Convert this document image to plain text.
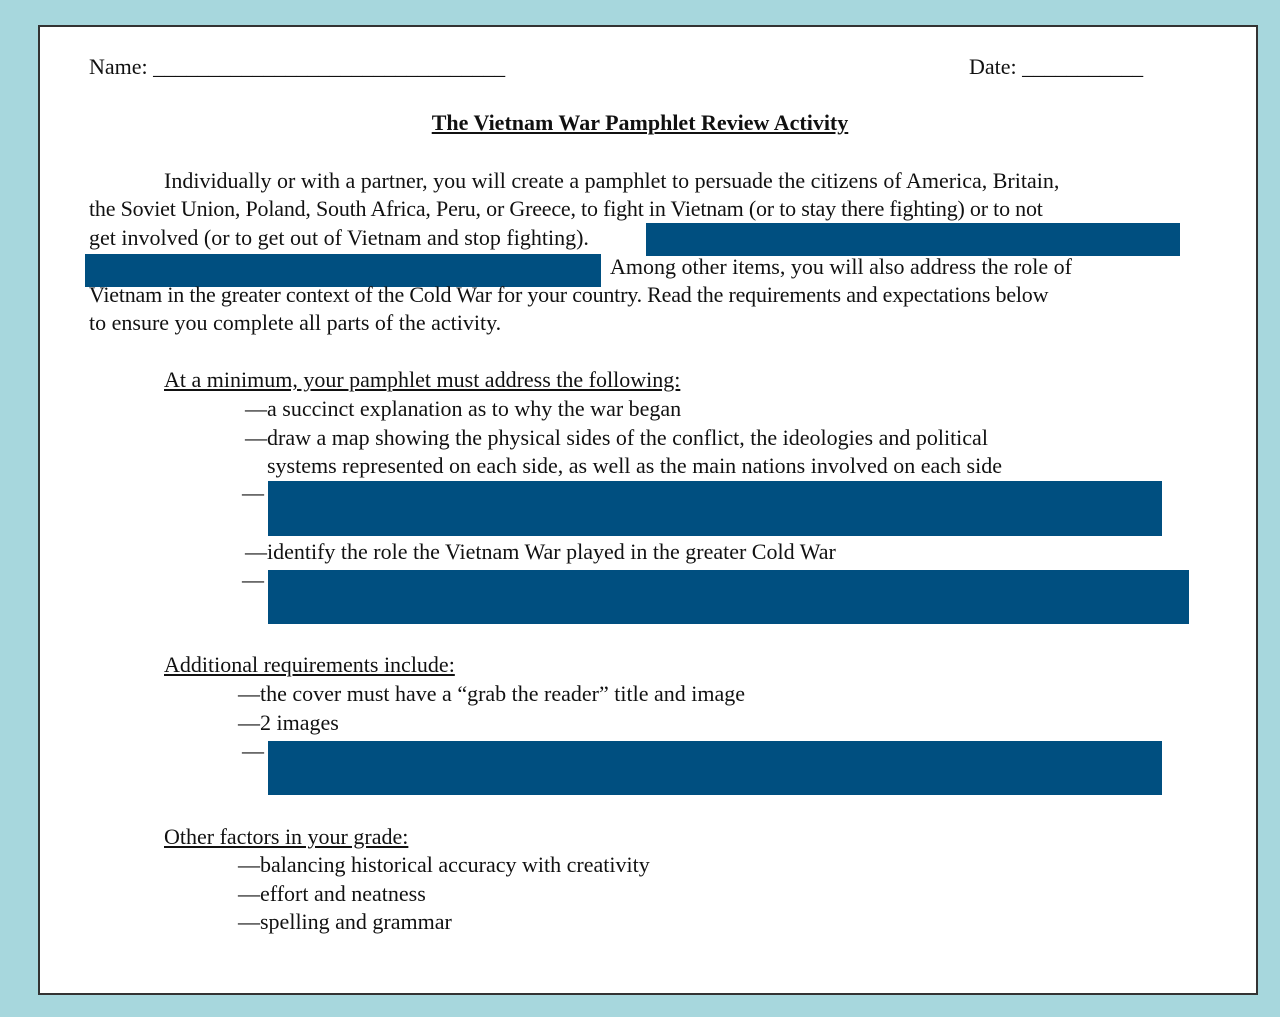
Name: ________________________________	Date: ___________
The Vietnam War Pamphlet Review Activity
Individually or with a partner, you will create a pamphlet to persuade the citizens of America, Britain,
the Soviet Union, Poland, South Africa, Peru, or Greece, to fight in Vietnam (or to stay there fighting) or to not
get involved (or to get out of Vietnam and stop fighting).
Vietnam in the greater context of the Cold War for your country. Read the requirements and expectations below
Among other items, you will also address the role of
to ensure you complete all parts of the activity.
At a minimum, your pamphlet must address the following:
—a succinct explanation as to why the war began
—draw a map showing the physical sides of the conflict, the ideologies and political
systems represented on each side, as well as the main nations involved on each side
—
—identify the role the Vietnam War played in the greater Cold War
—
Additional requirements include:
—the cover must have a “grab the reader” title and image
—2 images
—
Other factors in your grade:
—balancing historical accuracy with creativity
—effort and neatness
—spelling and grammar
